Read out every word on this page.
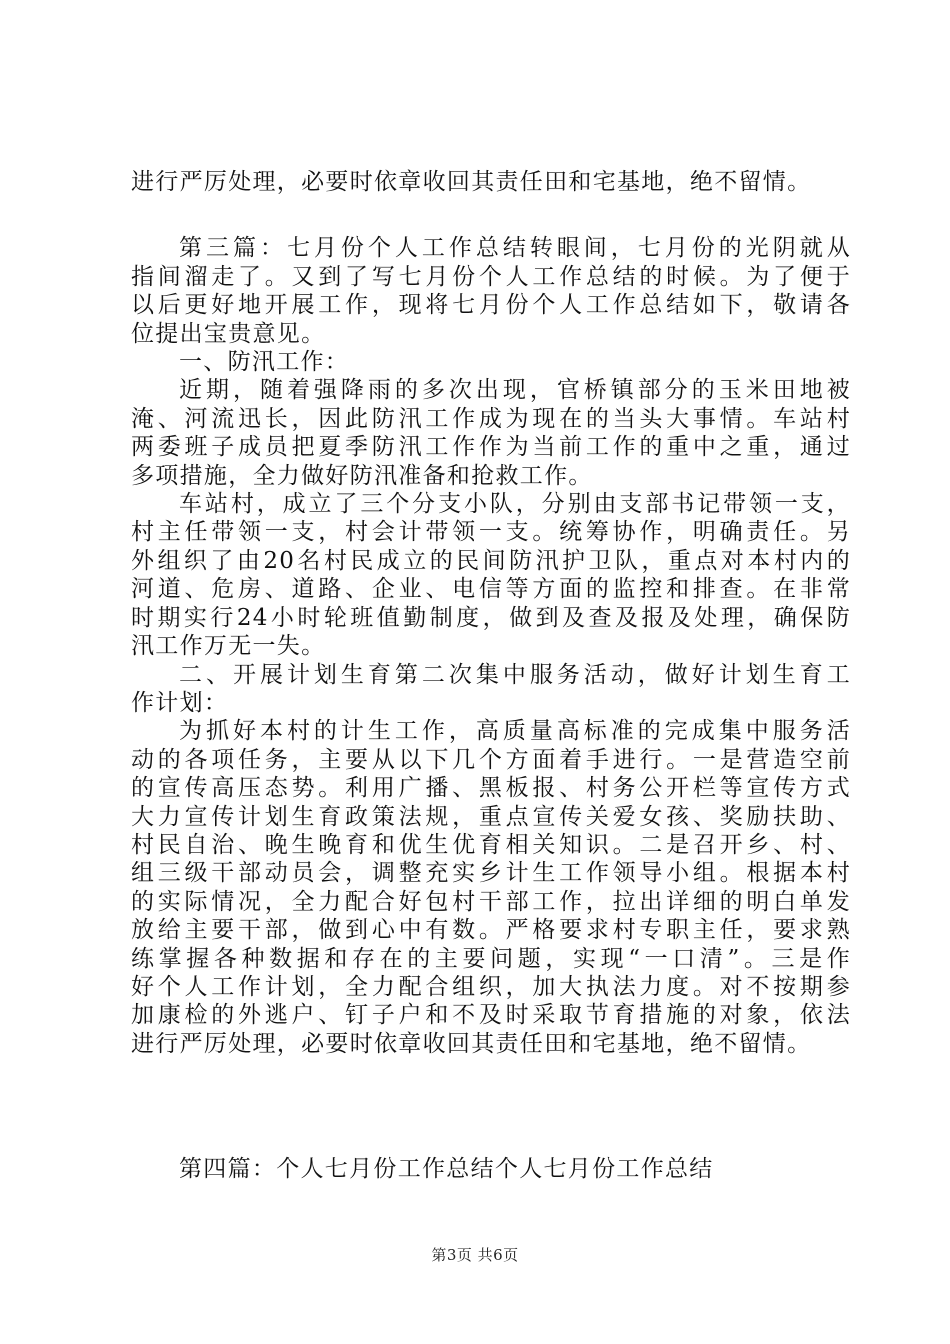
进行严厉处理，必要时依章收回其责任田和宅基地，绝不留情。
第三篇：七月份个人工作总结转眼间，七月份的光阴就从
指间溜走了。又到了写七月份个人工作总结的时候。为了便于
以后更好地开展工作，现将七月份个人工作总结如下，敬请各
位提出宝贵意见。
一、防汛工作：
近期，随着强降雨的多次出现，官桥镇部分的玉米田地被
淹、河流迅长，因此防汛工作成为现在的当头大事情。车站村
两委班子成员把夏季防汛工作作为当前工作的重中之重，通过
多项措施，全力做好防汛准备和抢救工作。
车站村，成立了三个分支小队，分别由支部书记带领一支，
村主任带领一支，村会计带领一支。统筹协作，明确责任。另
外组织了由20名村民成立的民间防汛护卫队，重点对本村内的
河道、危房、道路、企业、电信等方面的监控和排查。在非常
时期实行24小时轮班值勤制度，做到及查及报及处理，确保防
汛工作万无一失。
二、开展计划生育第二次集中服务活动，做好计划生育工
作计划：
为抓好本村的计生工作，高质量高标准的完成集中服务活
动的各项任务，主要从以下几个方面着手进行。一是营造空前
的宣传高压态势。利用广播、黑板报、村务公开栏等宣传方式
大力宣传计划生育政策法规，重点宣传关爱女孩、奖励扶助、
村民自治、晚生晚育和优生优育相关知识。二是召开乡、村、
组三级干部动员会，调整充实乡计生工作领导小组。根据本村
的实际情况，全力配合好包村干部工作，拉出详细的明白单发
放给主要干部，做到心中有数。严格要求村专职主任，要求熟
练掌握各种数据和存在的主要问题，实现“一口清”。三是作
好个人工作计划，全力配合组织，加大执法力度。对不按期参
加康检的外逃户、钉子户和不及时采取节育措施的对象，依法
进行严厉处理，必要时依章收回其责任田和宅基地，绝不留情。
第四篇：个人七月份工作总结个人七月份工作总结
第3页 共6页
